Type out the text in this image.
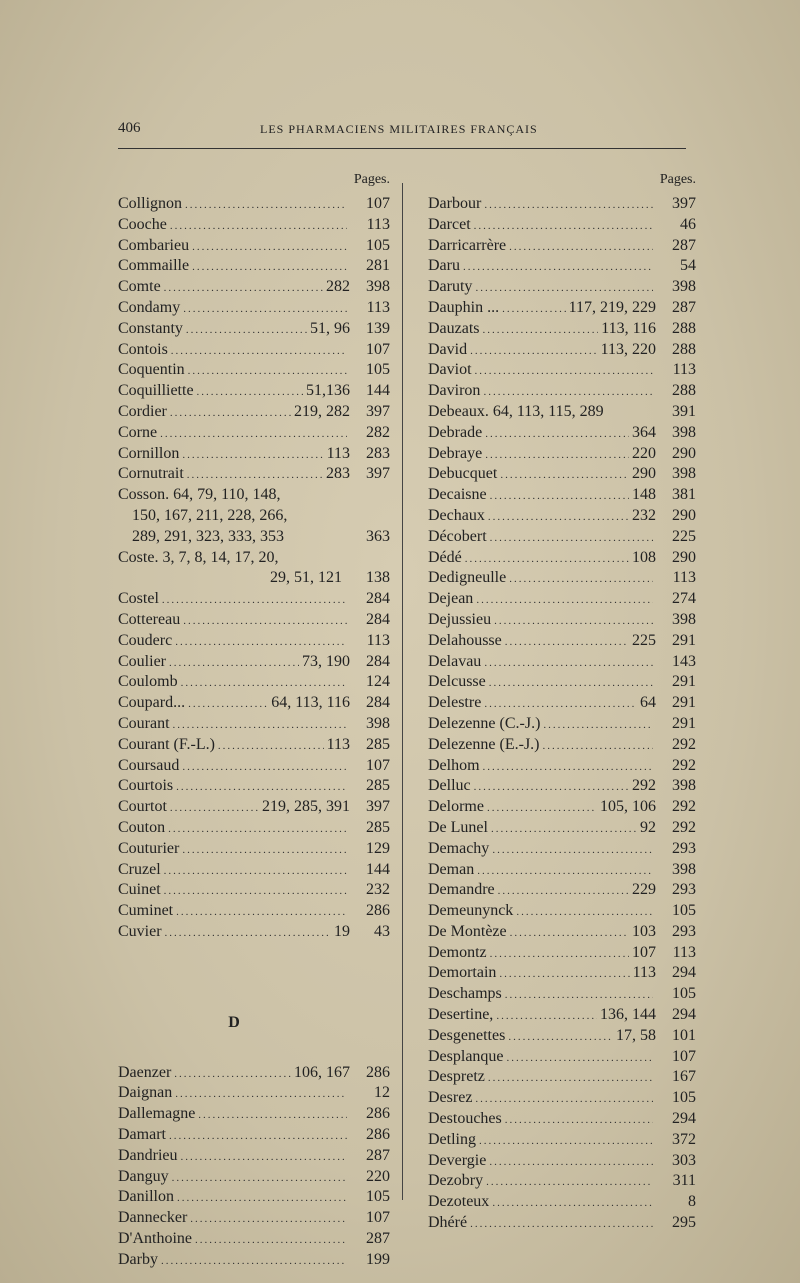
406	LES PHARMACIENS MILITAIRES FRANÇAIS
Pages.
Collignon .....	107
Cooche .....	113
Combarieu .....	105
Commaille .....	281
Comte .....	282	398
Condamy .....	113
Constanty .....	51, 96	139
Contois .....	107
Coquentin .....	105
Coquilliette .....	51,136	144
Cordier .....	219, 282	397
Corne .....	282
Cornillon .....	113	283
Cornutrait .....	283	397
Cosson. 64, 79, 110, 148,
150, 167, 211, 228, 266,
289, 291, 323, 333, 353	363
Coste. 3, 7, 8, 14, 17, 20,
29, 51, 121	138
Costel .....	284
Cottereau .....	284
Couderc .....	113
Coulier .....	73, 190	284
Coulomb .....	124
Coupard... .....	64, 113, 116	284
Courant .....	398
Courant (F.-L.) .....	113	285
Coursaud .....	107
Courtois .....	285
Courtot .....	219, 285, 391	397
Couton .....	285
Couturier .....	129
Cruzel .....	144
Cuinet .....	232
Cuminet .....	286
Cuvier .....	19	43
D
Daenzer .....	106, 167	286
Daignan .....	12
Dallemagne .....	286
Damart .....	286
Dandrieu .....	287
Danguy .....	220
Danillon .....	105
Dannecker .....	107
D'Anthoine .....	287
Darby .....	199
Pages.
Darbour .....	397
Darcet .....	46
Darricarrère .....	287
Daru .....	54
Daruty .....	398
Dauphin ... .....	117, 219, 229	287
Dauzats .....	113, 116	288
David .....	113, 220	288
Daviot .....	113
Daviron .....	288
Debeaux. 64, 113, 115, 289	391
Debrade .....	364	398
Debraye .....	220	290
Debucquet .....	290	398
Decaisne .....	148	381
Dechaux .....	232	290
Décobert .....	225
Dédé .....	108	290
Dedigneulle .....	113
Dejean .....	274
Dejussieu .....	398
Delahousse .....	225	291
Delavau .....	143
Delcusse .....	291
Delestre .....	64	291
Delezenne (C.-J.) .....	291
Delezenne (E.-J.) .....	292
Delhom .....	292
Delluc .....	292	398
Delorme .....	105, 106	292
De Lunel .....	92	292
Demachy .....	293
Deman .....	398
Demandre .....	229	293
Demeunynck .....	105
De Montèze .....	103	293
Demontz .....	107	113
Demortain .....	113	294
Deschamps .....	105
Desertine, .....	136, 144	294
Desgenettes .....	17, 58	101
Desplanque .....	107
Despretz .....	167
Desrez .....	105
Destouches .....	294
Detling .....	372
Devergie .....	303
Dezobry .....	311
Dezoteux .....	8
Dhéré .....	295
